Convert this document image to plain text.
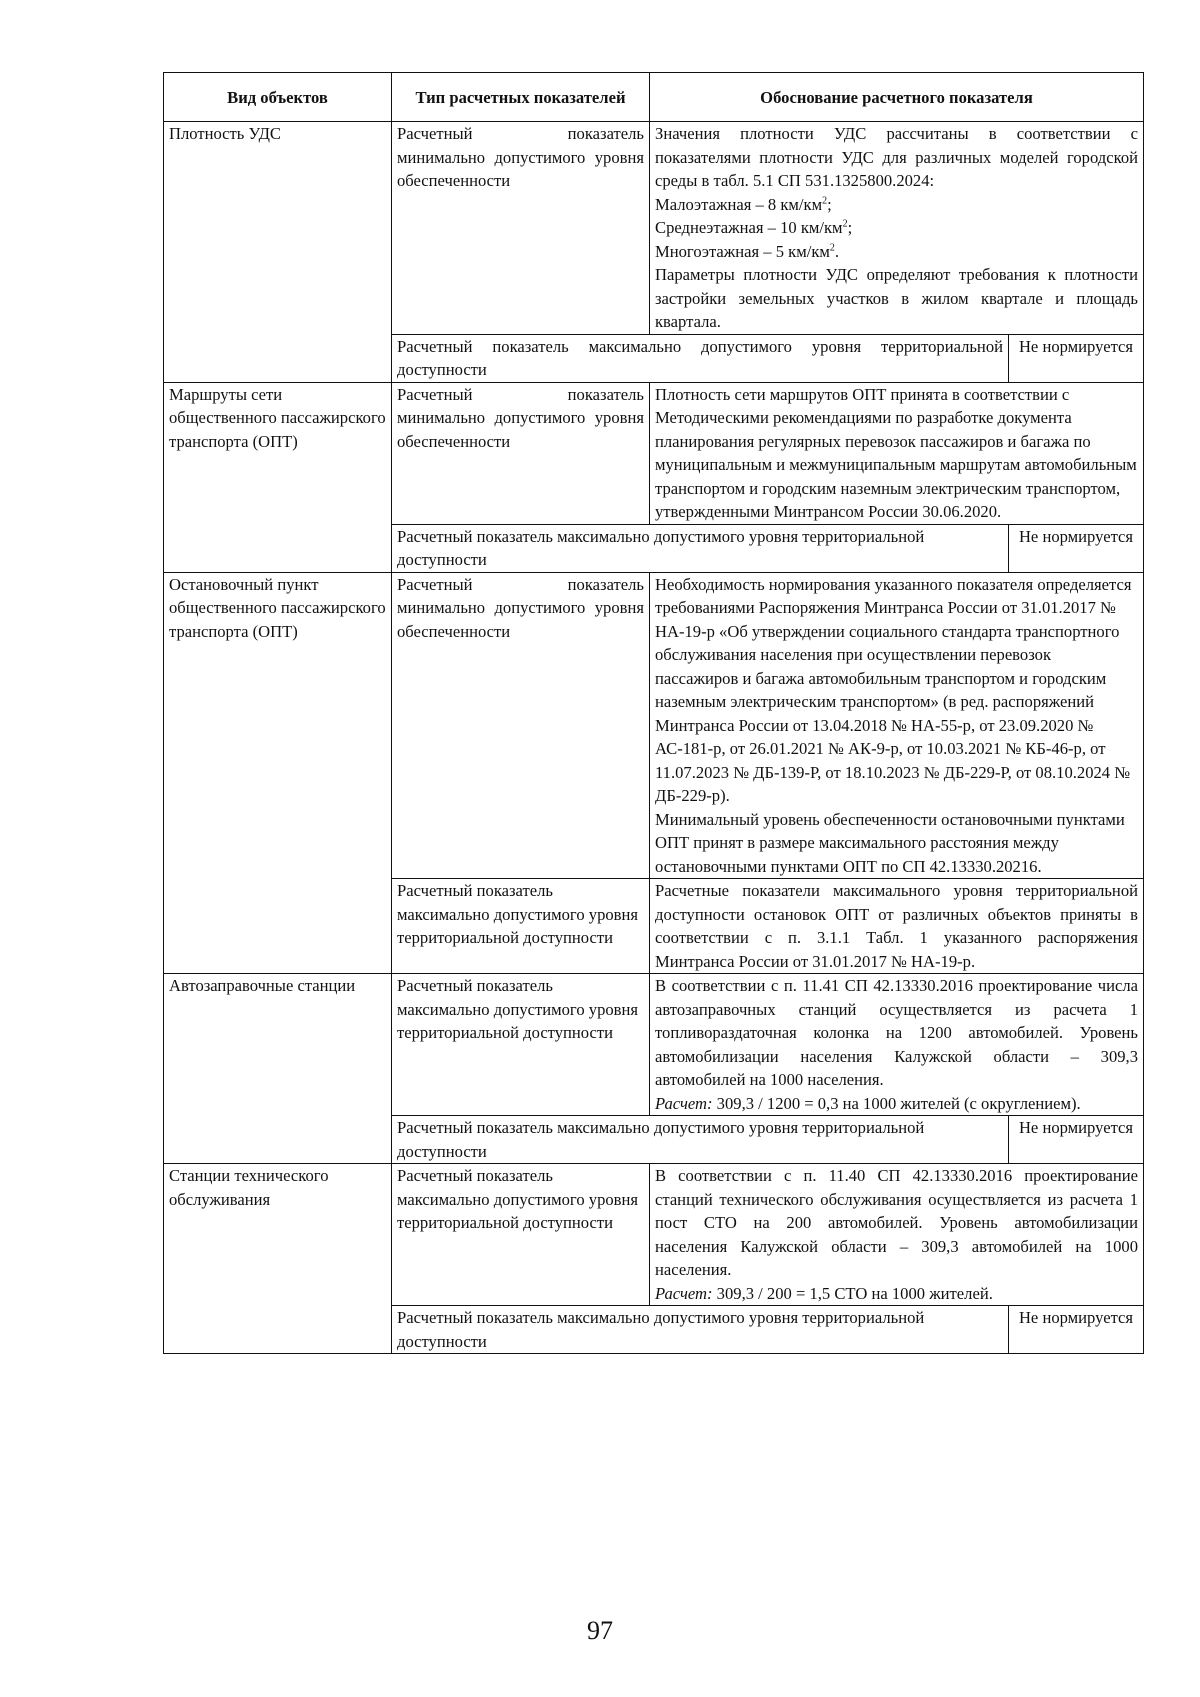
Вид объектов	Тип расчетных показателей	Обоснование расчетного показателя	
Плотность УДС	Расчетный показатель минимально допустимого уровня обеспеченности	Значения плотности УДС рассчитаны в соответствии с показателями плотности УДС для различных моделей городской среды в табл. 5.1 СП 531.1325800.2024:
Малоэтажная – 8 $км/км^2$;
Среднеэтажная – 10 $км/км^2$;
Многоэтажная – 5 $км/км^2$.
Параметры плотности УДС определяют требования к плотности застройки земельных участков в жилом квартале и площадь квартала.	

	Расчетный показатель максимально допустимого уровня территориальной доступности		Не нормируется
Маршруты сети общественного пассажирского транспорта (ОПТ)	Расчетный показатель минимально допустимого уровня обеспеченности	Плотность сети маршрутов ОПТ принята в соответствии с Методическими рекомендациями по разработке документа планирования регулярных перевозок пассажиров и багажа по муниципальным и межмуниципальным маршрутам автомобильным транспортом и городским наземным электрическим транспортом, утвержденными Минтрансом России 30.06.2020.	
	Расчетный показатель максимально допустимого уровня территориальной доступности		Не нормируется
Остановочный пункт общественного пассажирского транспорта (ОПТ)	Расчетный показатель минимально допустимого уровня обеспеченности	Необходимость нормирования указанного показателя определяется требованиями Распоряжения Минтранса России от 31.01.2017 № НА-19-р «Об утверждении социального стандарта транспортного обслуживания населения при осуществлении перевозок пассажиров и багажа автомобильным транспортом и городским наземным электрическим транспортом» (в ред. распоряжений Минтранса России от 13.04.2018 № НА-55-р, от 23.09.2020 № АС-181-р, от 26.01.2021 № АК-9-р, от 10.03.2021 № КБ-46-р, от 11.07.2023 № ДБ-139-Р, от 18.10.2023 № ДБ-229-Р, от 08.10.2024 № ДБ-229-р).
Минимальный уровень обеспеченности остановочными пунктами ОПТ принят в размере максимального расстояния между остановочными пунктами ОПТ по СП 42.13330.20216.	

	Расчетный показатель максимально допустимого уровня территориальной доступности	Расчетные показатели максимального уровня территориальной доступности остановок ОПТ от различных объектов приняты в соответствии с п. 3.1.1 Табл. 1 указанного распоряжения Минтранса России от 31.01.2017 № НА-19-р.	
Автозаправочные станции	Расчетный показатель максимально допустимого уровня территориальной доступности	В соответствии с п. 11.41 СП 42.13330.2016 проектирование числа автозаправочных станций осуществляется из расчета 1 топливораздаточная колонка на 1200 автомобилей. Уровень автомобилизации населения Калужской области – 309,3 автомобилей на 1000 населения.
Расчет: 309,3 / 1200 = 0,3 на 1000 жителей (с округлением).	

	Расчетный показатель максимально допустимого уровня территориальной доступности		Не нормируется
Станции технического обслуживания	Расчетный показатель максимально допустимого уровня территориальной доступности	В соответствии с п. 11.40 СП 42.13330.2016 проектирование станций технического обслуживания осуществляется из расчета 1 пост СТО на 200 автомобилей. Уровень автомобилизации населения Калужской области – 309,3 автомобилей на 1000 населения.
Расчет: 309,3 / 200 = 1,5 СТО на 1000 жителей.	

	Расчетный показатель максимально допустимого уровня территориальной доступности		Не нормируется
97
